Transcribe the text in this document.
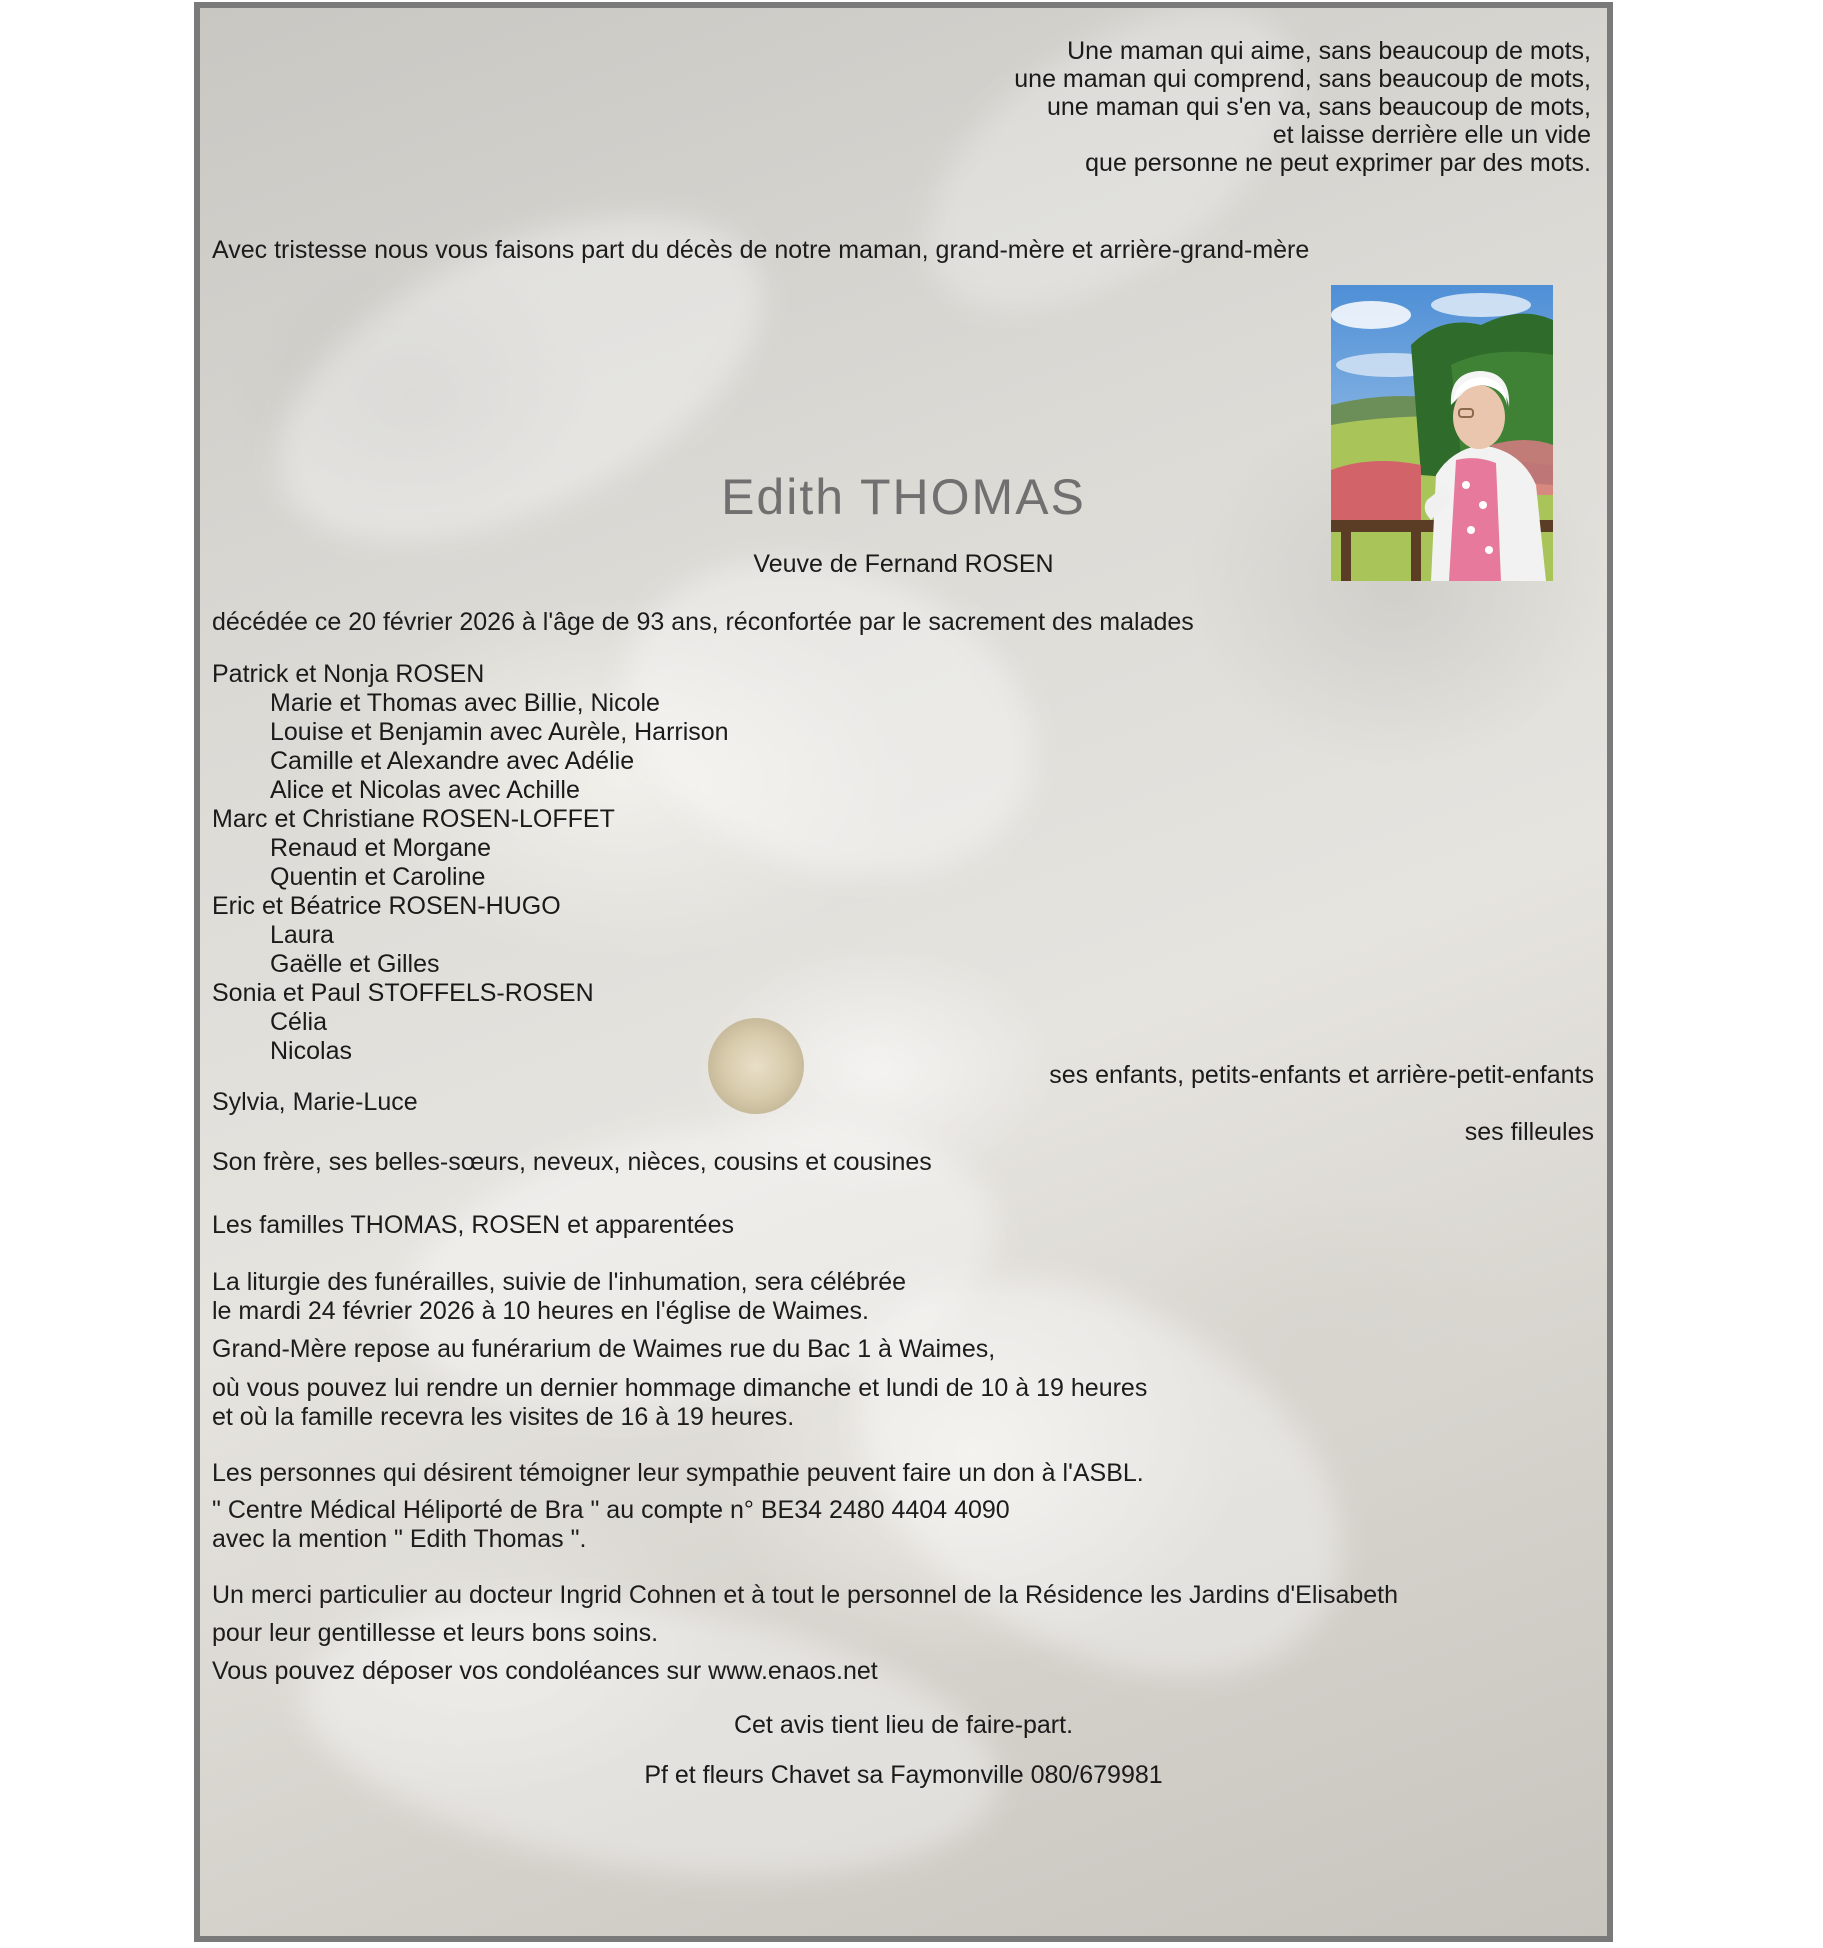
Une maman qui aime, sans beaucoup de mots,
une maman qui comprend, sans beaucoup de mots,
une maman qui s'en va, sans beaucoup de mots,
et laisse derrière elle un vide
que personne ne peut exprimer par des mots.
Avec tristesse nous vous faisons part du décès de notre maman, grand-mère et arrière-grand-mère
Edith THOMAS
Veuve de Fernand ROSEN
décédée ce 20 février 2026 à l'âge de 93 ans, réconfortée par le sacrement des malades
Patrick et Nonja ROSEN
Marie et Thomas avec Billie, Nicole
Louise et Benjamin avec Aurèle, Harrison
Camille et Alexandre avec Adélie
Alice et Nicolas avec Achille
Marc et Christiane ROSEN-LOFFET
Renaud et Morgane
Quentin et Caroline
Eric et Béatrice ROSEN-HUGO
Laura
Gaëlle et Gilles
Sonia et Paul STOFFELS-ROSEN
Célia
Nicolas
ses enfants, petits-enfants et arrière-petit-enfants
Sylvia, Marie-Luce
ses filleules
Son frère, ses belles-sœurs, neveux, nièces, cousins et cousines
Les familles THOMAS, ROSEN et apparentées
La liturgie des funérailles, suivie de l'inhumation, sera célébrée
le mardi 24 février 2026 à 10 heures en l'église de Waimes.
Grand-Mère repose au funérarium de Waimes rue du Bac 1 à Waimes,
où vous pouvez lui rendre un dernier hommage dimanche et lundi de 10 à 19 heures
et où la famille recevra les visites de 16 à 19 heures.
Les personnes qui désirent témoigner leur sympathie peuvent faire un don à l'ASBL.
" Centre Médical Héliporté de Bra " au compte n° BE34 2480 4404 4090
avec la mention " Edith Thomas ".
Un merci particulier au docteur Ingrid Cohnen et à tout le personnel de la Résidence les Jardins d'Elisabeth
pour leur gentillesse et leurs bons soins.
Vous pouvez déposer vos condoléances sur www.enaos.net
Cet avis tient lieu de faire-part.
Pf et fleurs Chavet sa Faymonville 080/679981
